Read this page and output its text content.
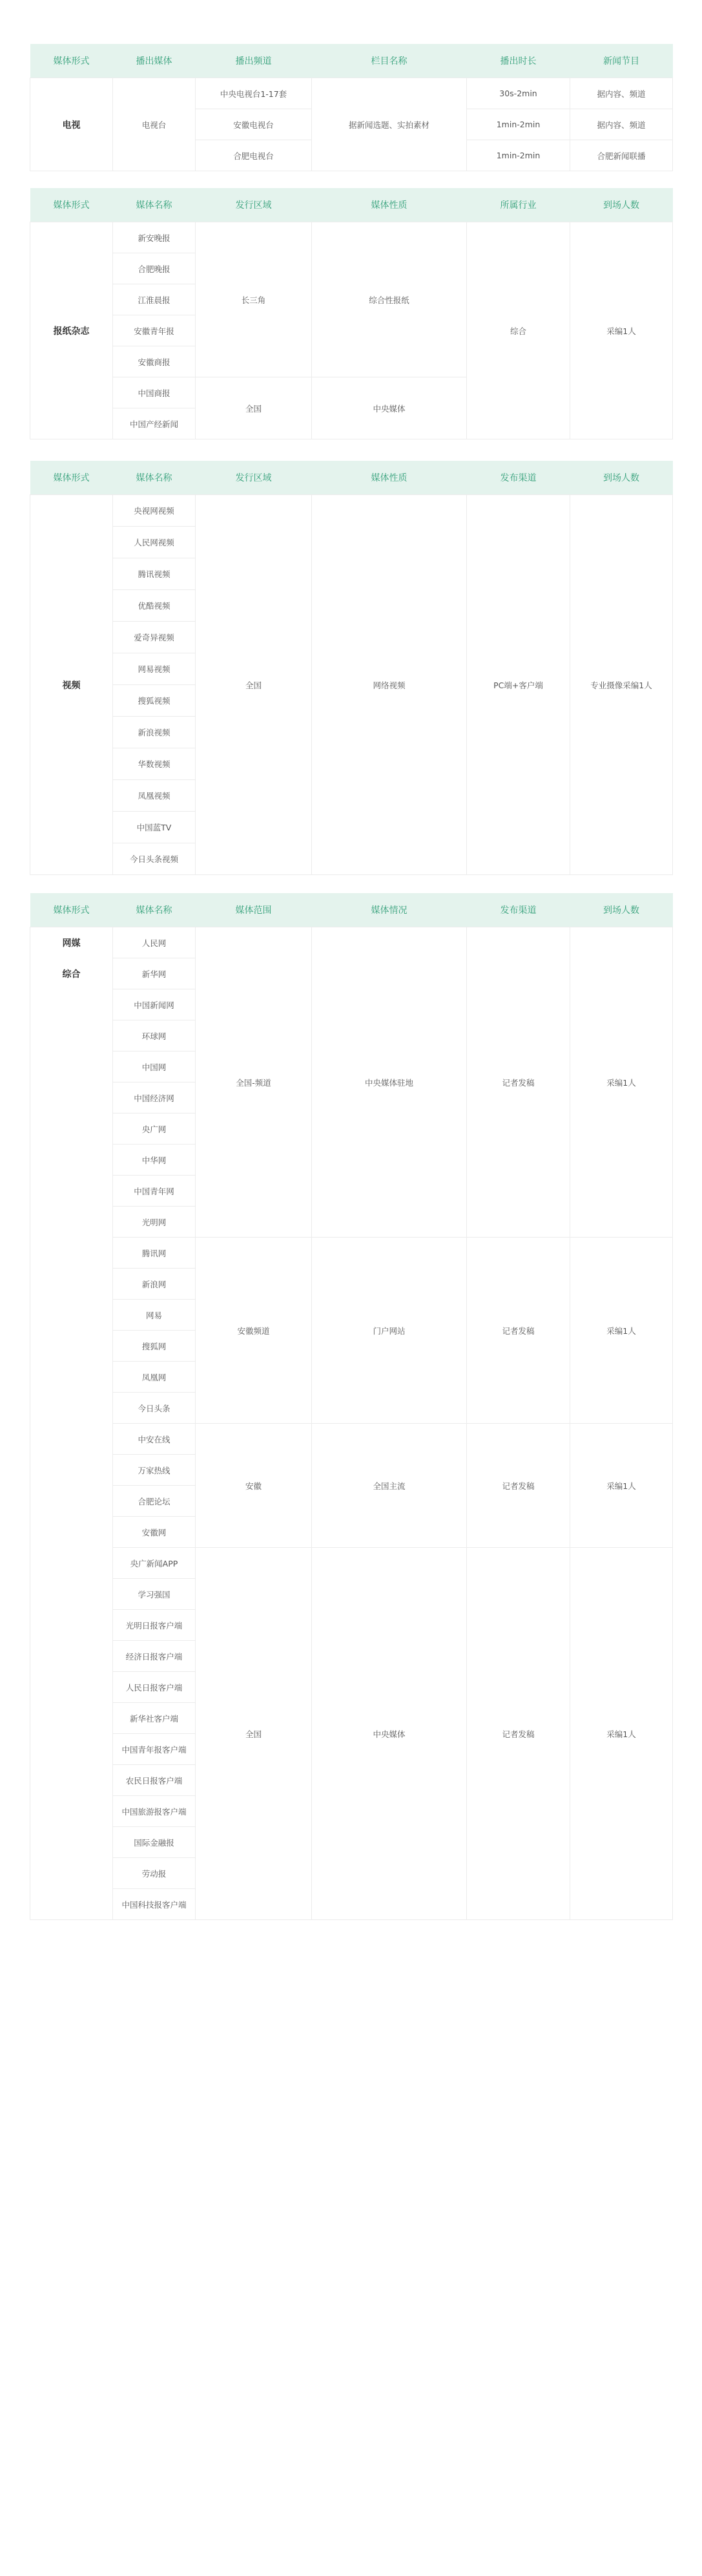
媒体形式	播出媒体	播出频道	栏目名称	播出时长	新闻节目
电视	电视台	中央电视台1-17套	据新闻选题、实拍素材	30s-2min	据内容、频道
		安徽电视台		1min-2min	据内容、频道
		合肥电视台		1min-2min	合肥新闻联播
媒体形式	媒体名称	发行区域	媒体性质	所属行业	到场人数
报纸杂志	新安晚报	长三角	综合性报纸	综合	采编1人
	合肥晚报				
	江淮晨报				
	安徽青年报				
	安徽商报				
	中国商报	全国	中央媒体		
	中国产经新闻				
媒体形式	媒体名称	发行区域	媒体性质	发布渠道	到场人数
视频	央视网视频	全国	网络视频	PC端+客户端	专业摄像采编1人
	人民网视频				
	腾讯视频				
	优酷视频				
	爱奇异视频				
	网易视频				
	搜狐视频				
	新浪视频				
	华数视频				
	凤凰视频				
	中国蓝TV				
	今日头条视频				
媒体形式	媒体名称	媒体范围	媒体情况	发布渠道	到场人数
网媒	人民网	全国-频道	中央媒体驻地	记者发稿	采编1人
综合	新华网				
	中国新闻网				
	环球网				
	中国网				
	中国经济网				
	央广网				
	中华网				
	中国青年网				
	光明网				
	腾讯网	安徽频道	门户网站	记者发稿	采编1人
	新浪网				
	网易				
	搜狐网				
	凤凰网				
	今日头条				
	中安在线	安徽	全国主流	记者发稿	采编1人
	万家热线				
	合肥论坛				
	安徽网				
	央广新闻APP	全国	中央媒体	记者发稿	采编1人
	学习强国				
	光明日报客户端				
	经济日报客户端				
	人民日报客户端				
	新华社客户端				
	中国青年报客户端				
	农民日报客户端				
	中国旅游报客户端				
	国际金融报				
	劳动报				
	中国科技报客户端				
